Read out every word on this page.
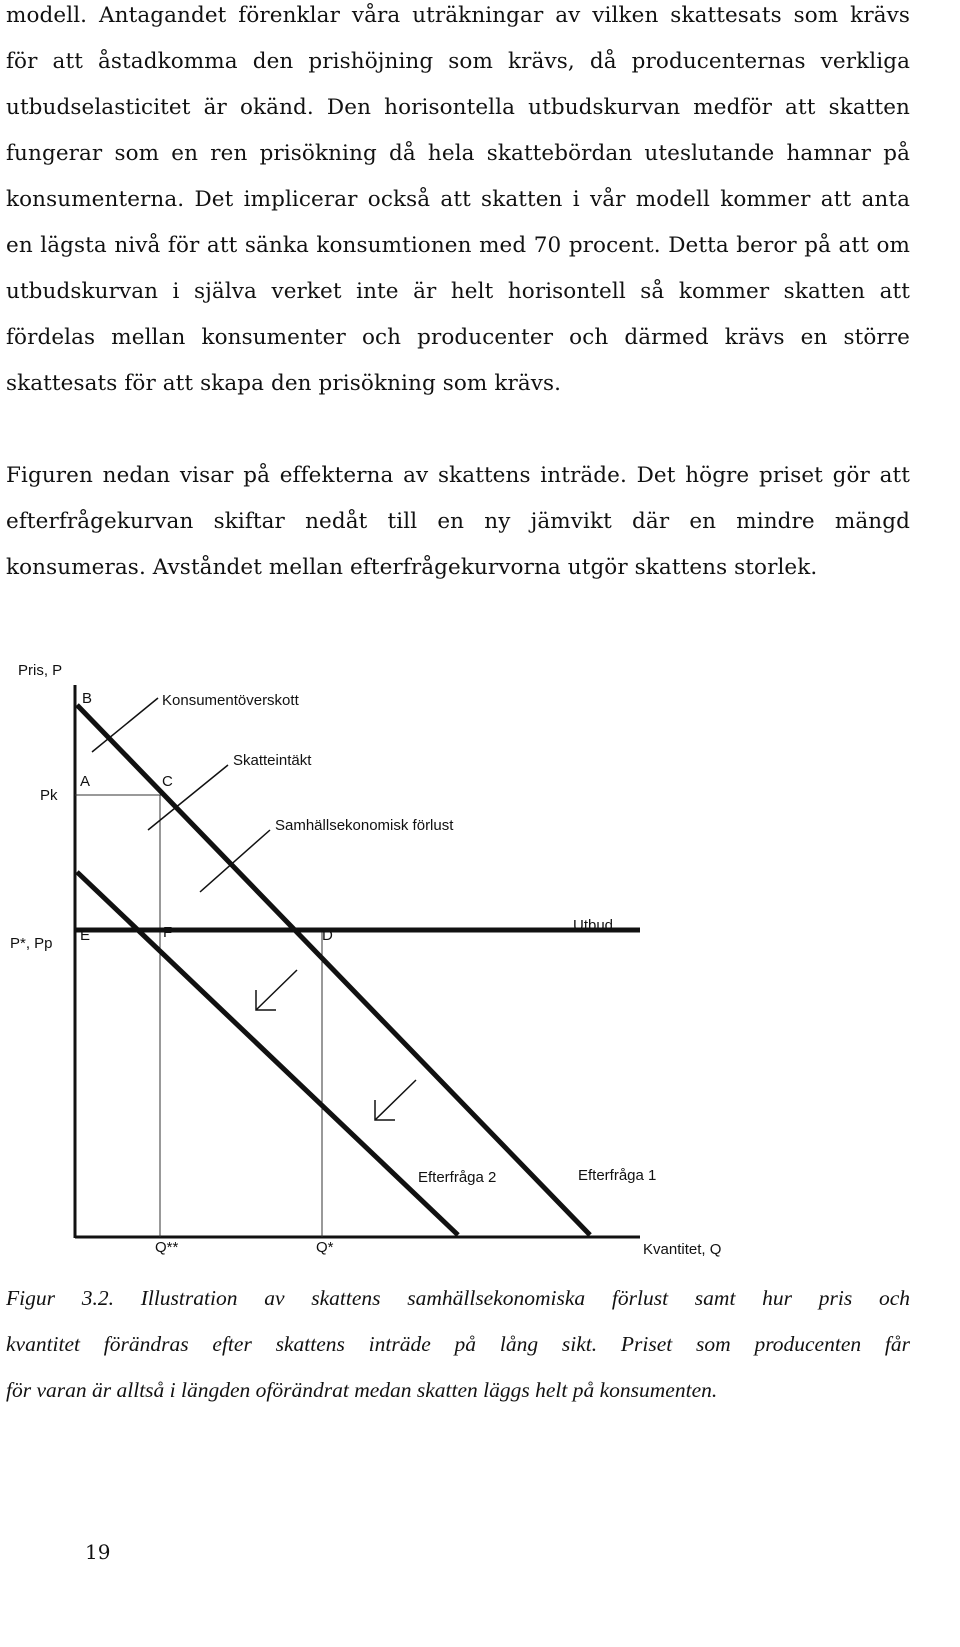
modell. Antagandet förenklar våra uträkningar av vilken skattesats som krävs
för att åstadkomma den prishöjning som krävs, då producenternas verkliga
utbudselasticitet är okänd. Den horisontella utbudskurvan medför att skatten
fungerar som en ren prisökning då hela skattebördan uteslutande hamnar på
konsumenterna. Det implicerar också att skatten i vår modell kommer att anta
en lägsta nivå för att sänka konsumtionen med 70 procent. Detta beror på att om
utbudskurvan i själva verket inte är helt horisontell så kommer skatten att
fördelas mellan konsumenter och producenter och därmed krävs en större
skattesats för att skapa den prisökning som krävs.
Figuren nedan visar på effekterna av skattens inträde. Det högre priset gör att
efterfrågekurvan skiftar nedåt till en ny jämvikt där en mindre mängd
konsumeras. Avståndet mellan efterfrågekurvorna utgör skattens storlek.
Pris, P
Kvantitet, Q
Pk
P*, Pp
Q**	Q*
Utbud
Efterfråga 1
Efterfråga 2
B
A	C
E	F	D
Konsumentöverskott
Skatteintäkt
Samhällsekonomisk förlust
Figur 3.2. Illustration av skattens samhällsekonomiska förlust samt hur pris och
kvantitet förändras efter skattens inträde på lång sikt. Priset som producenten får
för varan är alltså i längden oförändrat medan skatten läggs helt på konsumenten.
19
